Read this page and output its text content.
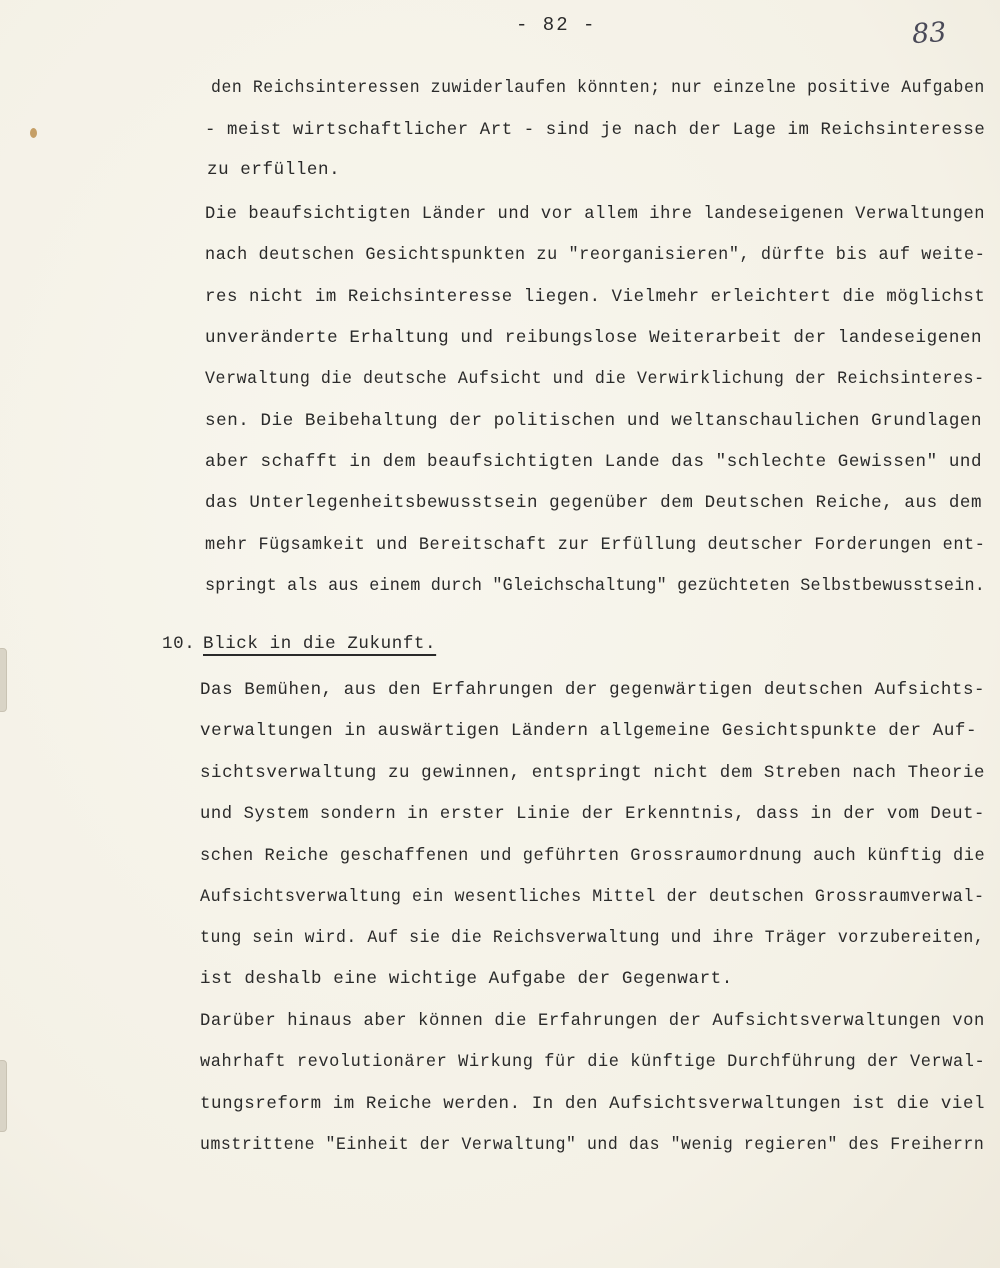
- 82 -	83
den Reichsinteressen zuwiderlaufen könnten; nur einzelne positive Aufgaben
- meist wirtschaftlicher Art - sind je nach der Lage im Reichsinteresse
zu erfüllen.
Die beaufsichtigten Länder und vor allem ihre landeseigenen Verwaltungen
nach deutschen Gesichtspunkten zu "reorganisieren", dürfte bis auf weite-
res nicht im Reichsinteresse liegen. Vielmehr erleichtert die möglichst
unveränderte Erhaltung und reibungslose Weiterarbeit der landeseigenen
Verwaltung die deutsche Aufsicht und die Verwirklichung der Reichsinteres-
sen. Die Beibehaltung der politischen und weltanschaulichen Grundlagen
aber schafft in dem beaufsichtigten Lande das "schlechte Gewissen" und
das Unterlegenheitsbewusstsein gegenüber dem Deutschen Reiche, aus dem
mehr Fügsamkeit und Bereitschaft zur Erfüllung deutscher Forderungen ent-
springt als aus einem durch "Gleichschaltung" gezüchteten Selbstbewusstsein.
10. Blick in die Zukunft.
Das Bemühen, aus den Erfahrungen der gegenwärtigen deutschen Aufsichts-
verwaltungen in auswärtigen Ländern allgemeine Gesichtspunkte der Auf-
sichtsverwaltung zu gewinnen, entspringt nicht dem Streben nach Theorie
und System sondern in erster Linie der Erkenntnis, dass in der vom Deut-
schen Reiche geschaffenen und geführten Grossraumordnung auch künftig die
Aufsichtsverwaltung ein wesentliches Mittel der deutschen Grossraumverwal-
tung sein wird. Auf sie die Reichsverwaltung und ihre Träger vorzubereiten,
ist deshalb eine wichtige Aufgabe der Gegenwart.
Darüber hinaus aber können die Erfahrungen der Aufsichtsverwaltungen von
wahrhaft revolutionärer Wirkung für die künftige Durchführung der Verwal-
tungsreform im Reiche werden. In den Aufsichtsverwaltungen ist die viel
umstrittene "Einheit der Verwaltung" und das "wenig regieren" des Freiherrn
